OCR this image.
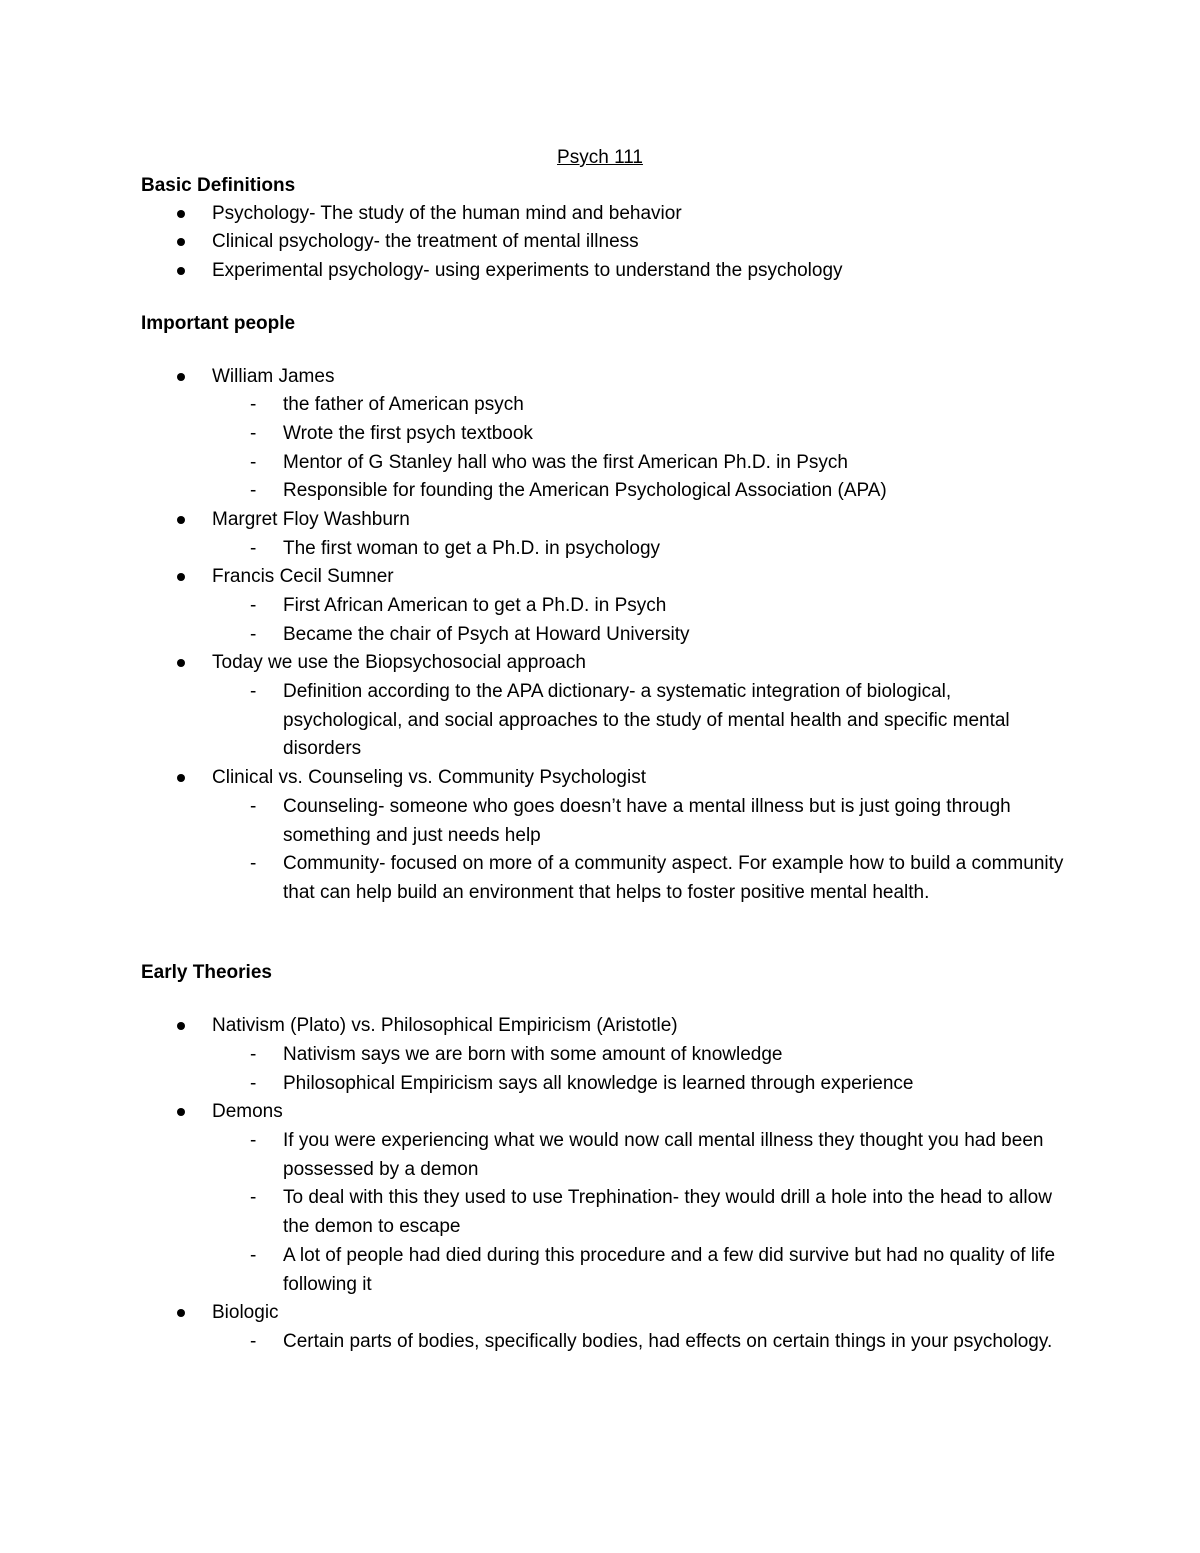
Psych 111
Basic Definitions
Psychology- The study of the human mind and behavior
Clinical psychology- the treatment of mental illness
Experimental psychology- using experiments to understand the psychology
Important people
William James
- the father of American psych
- Wrote the first psych textbook
- Mentor of G Stanley hall who was the first American Ph.D. in Psych
- Responsible for founding the American Psychological Association (APA)
Margret Floy Washburn
- The first woman to get a Ph.D. in psychology
Francis Cecil Sumner
- First African American to get a Ph.D. in Psych
- Became the chair of Psych at Howard University
Today we use the Biopsychosocial approach
- Definition according to the APA dictionary- a systematic integration of biological, psychological, and social approaches to the study of mental health and specific mental disorders
Clinical vs. Counseling vs. Community Psychologist
- Counseling- someone who goes doesn’t have a mental illness but is just going through something and just needs help
- Community- focused on more of a community aspect. For example how to build a community that can help build an environment that helps to foster positive mental health.
Early Theories
Nativism (Plato) vs. Philosophical Empiricism (Aristotle)
- Nativism says we are born with some amount of knowledge
- Philosophical Empiricism says all knowledge is learned through experience
Demons
- If you were experiencing what we would now call mental illness they thought you had been possessed by a demon
- To deal with this they used to use Trephination- they would drill a hole into the head to allow the demon to escape
- A lot of people had died during this procedure and a few did survive but had no quality of life following it
Biologic
- Certain parts of bodies, specifically bodies, had effects on certain things in your psychology.
